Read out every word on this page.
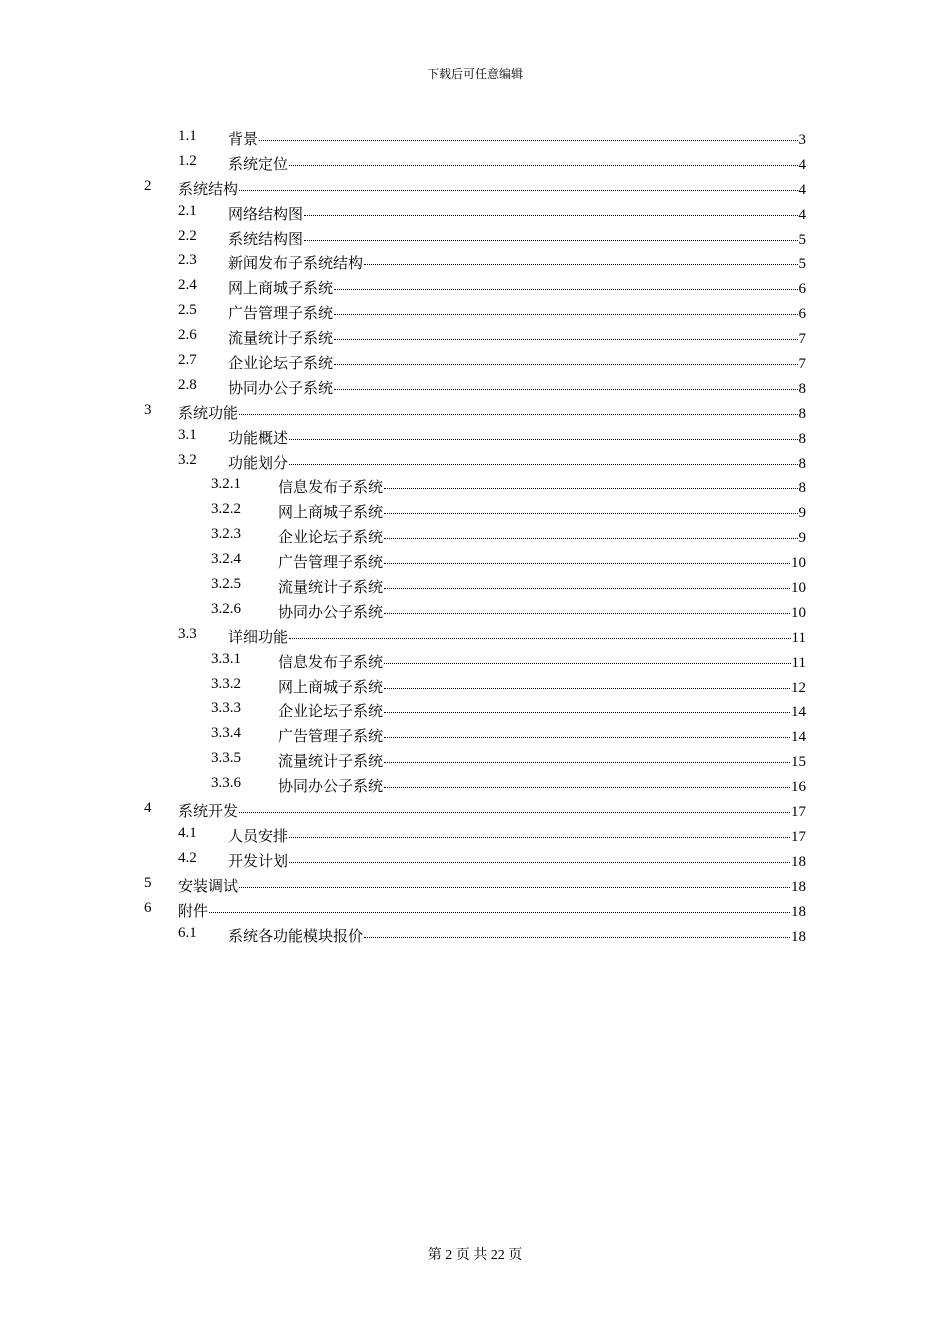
下载后可任意编辑
1.1 背景	3
1.2 系统定位	4
2 系统结构	4
2.1 网络结构图	4
2.2 系统结构图	5
2.3 新闻发布子系统结构	5
2.4 网上商城子系统	6
2.5 广告管理子系统	6
2.6 流量统计子系统	7
2.7 企业论坛子系统	7
2.8 协同办公子系统	8
3 系统功能	8
3.1 功能概述	8
3.2 功能划分	8
3.2.1 信息发布子系统	8
3.2.2 网上商城子系统	9
3.2.3 企业论坛子系统	9
3.2.4 广告管理子系统	10
3.2.5 流量统计子系统	10
3.2.6 协同办公子系统	10
3.3 详细功能	11
3.3.1 信息发布子系统	11
3.3.2 网上商城子系统	12
3.3.3 企业论坛子系统	14
3.3.4 广告管理子系统	14
3.3.5 流量统计子系统	15
3.3.6 协同办公子系统	16
4 系统开发	17
4.1 人员安排	17
4.2 开发计划	18
5 安装调试	18
6 附件	18
6.1 系统各功能模块报价	18
第 2 页 共 22 页
